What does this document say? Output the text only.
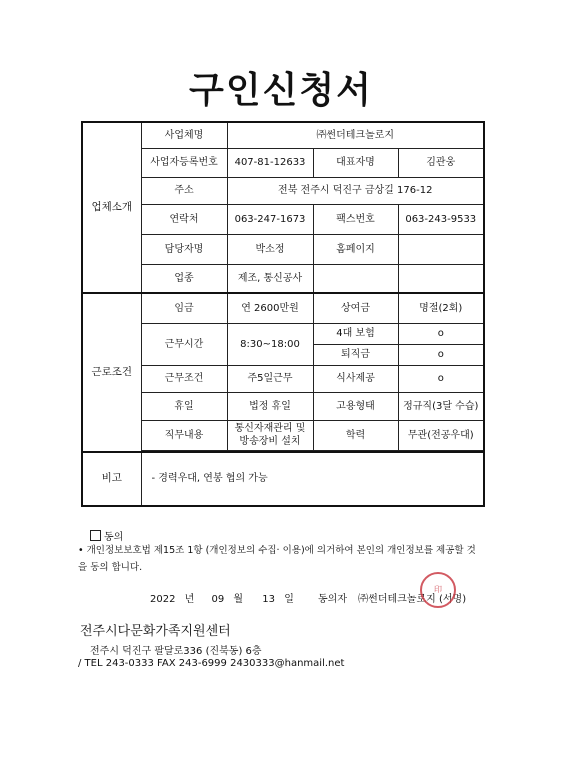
구인신청서
업체소개	사업체명	㈜썬더테크놀로지		
	사업자등록번호	407-81-12633	대표자명	김관웅
	주소	전북 전주시 덕진구 금상길 176-12		
	연락처	063-247-1673	팩스번호	063-243-9533
	담당자명	박소정	홈페이지	
	업종	제조, 통신공사		
근로조건	임금	연 2600만원	상여금	명절(2회)
	근무시간	8:30~18:00	4대 보험	o
			퇴직금	o
	근무조건	주5일근무	식사제공	o
	휴일	법정 휴일	고용형태	정규직(3달 수습)
	직무내용	통신자재관리 및
방송장비 설치	학력	무관(전공우대)

비고	- 경력우대, 연봉 협의 가능			
동의
• 개인정보보호법 제15조 1항 (개인정보의 수집· 이용)에 의거하여 본인의 개인정보를 제공할 것을 동의 합니다.
2022 년 09 월 13 일 동의자 ㈜썬더테크놀로지 (서명)
印
전주시다문화가족지원센터
전주시 덕진구 팔달로336 (진북동) 6층
/ TEL 243-0333 FAX 243-6999 2430333@hanmail.net
